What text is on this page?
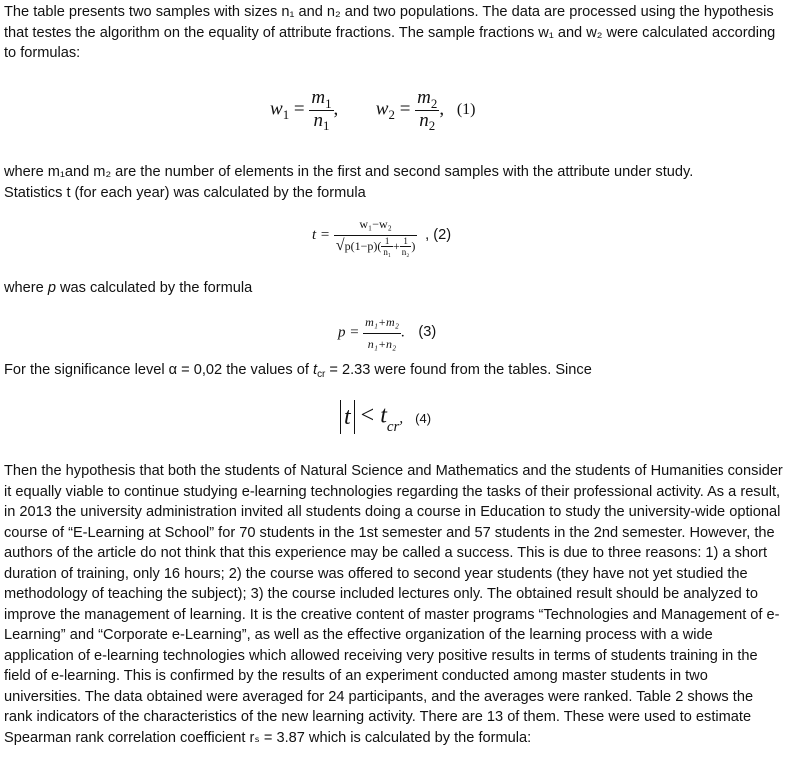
The table presents two samples with sizes n₁ and n₂ and two populations. The data are processed using the hypothesis that testes the algorithm on the equality of attribute fractions. The sample fractions w₁ and w₂ were calculated according to formulas:

$w_1 = \frac{m_1}{n_1}$ , $w_2 = \frac{m_2}{n_2}$ , (1)

where m₁and m₂ are the number of elements in the first and second samples with the attribute under study.
Statistics t (for each year) was calculated by the formula

$t = \frac{\text{w₁−w₂}}{√p(1-p)( \frac{1}{\text{n₁}} + \frac{1}{\text{n₂}} )}$ , (2)

where p was calculated by the formula

$p = \frac{\text{m₁+m₂}}{\text{n₁+n₂}}$ . (3)

For the significance level α = 0,02 the values of $t_{cr} = 2.33$ were found from the tables. Since

$t < t_{cr}$, (4)

Then the hypothesis that both the students of Natural Science and Mathematics and the students of Humanities consider it equally viable to continue studying e-learning technologies regarding the tasks of their professional activity. As a result, in 2013 the university administration invited all students doing a course in Education to study the university-wide optional course of “E-Learning at School” for 70 students in the 1st semester and 57 students in the 2nd semester. However, the authors of the article do not think that this experience may be called a success. This is due to three reasons: 1) a short duration of training, only 16 hours; 2) the course was offered to second year students (they have not yet studied the methodology of teaching the subject); 3) the course included lectures only. The obtained result should be analyzed to improve the management of learning. It is the creative content of master programs “Technologies and Management of e-Learning” and “Corporate e-Learning”, as well as the effective organization of the learning process with a wide application of e-learning technologies which allowed receiving very positive results in terms of students training in the field of e-learning. This is confirmed by the results of an experiment conducted among master students in two universities. The data obtained were averaged for 24 participants, and the averages were ranked. Table 2 shows the rank indicators of the characteristics of the new learning activity. There are 13 of them. These were used to estimate Spearman rank correlation coefficient rₛ = 3.87 which is calculated by the formula:
